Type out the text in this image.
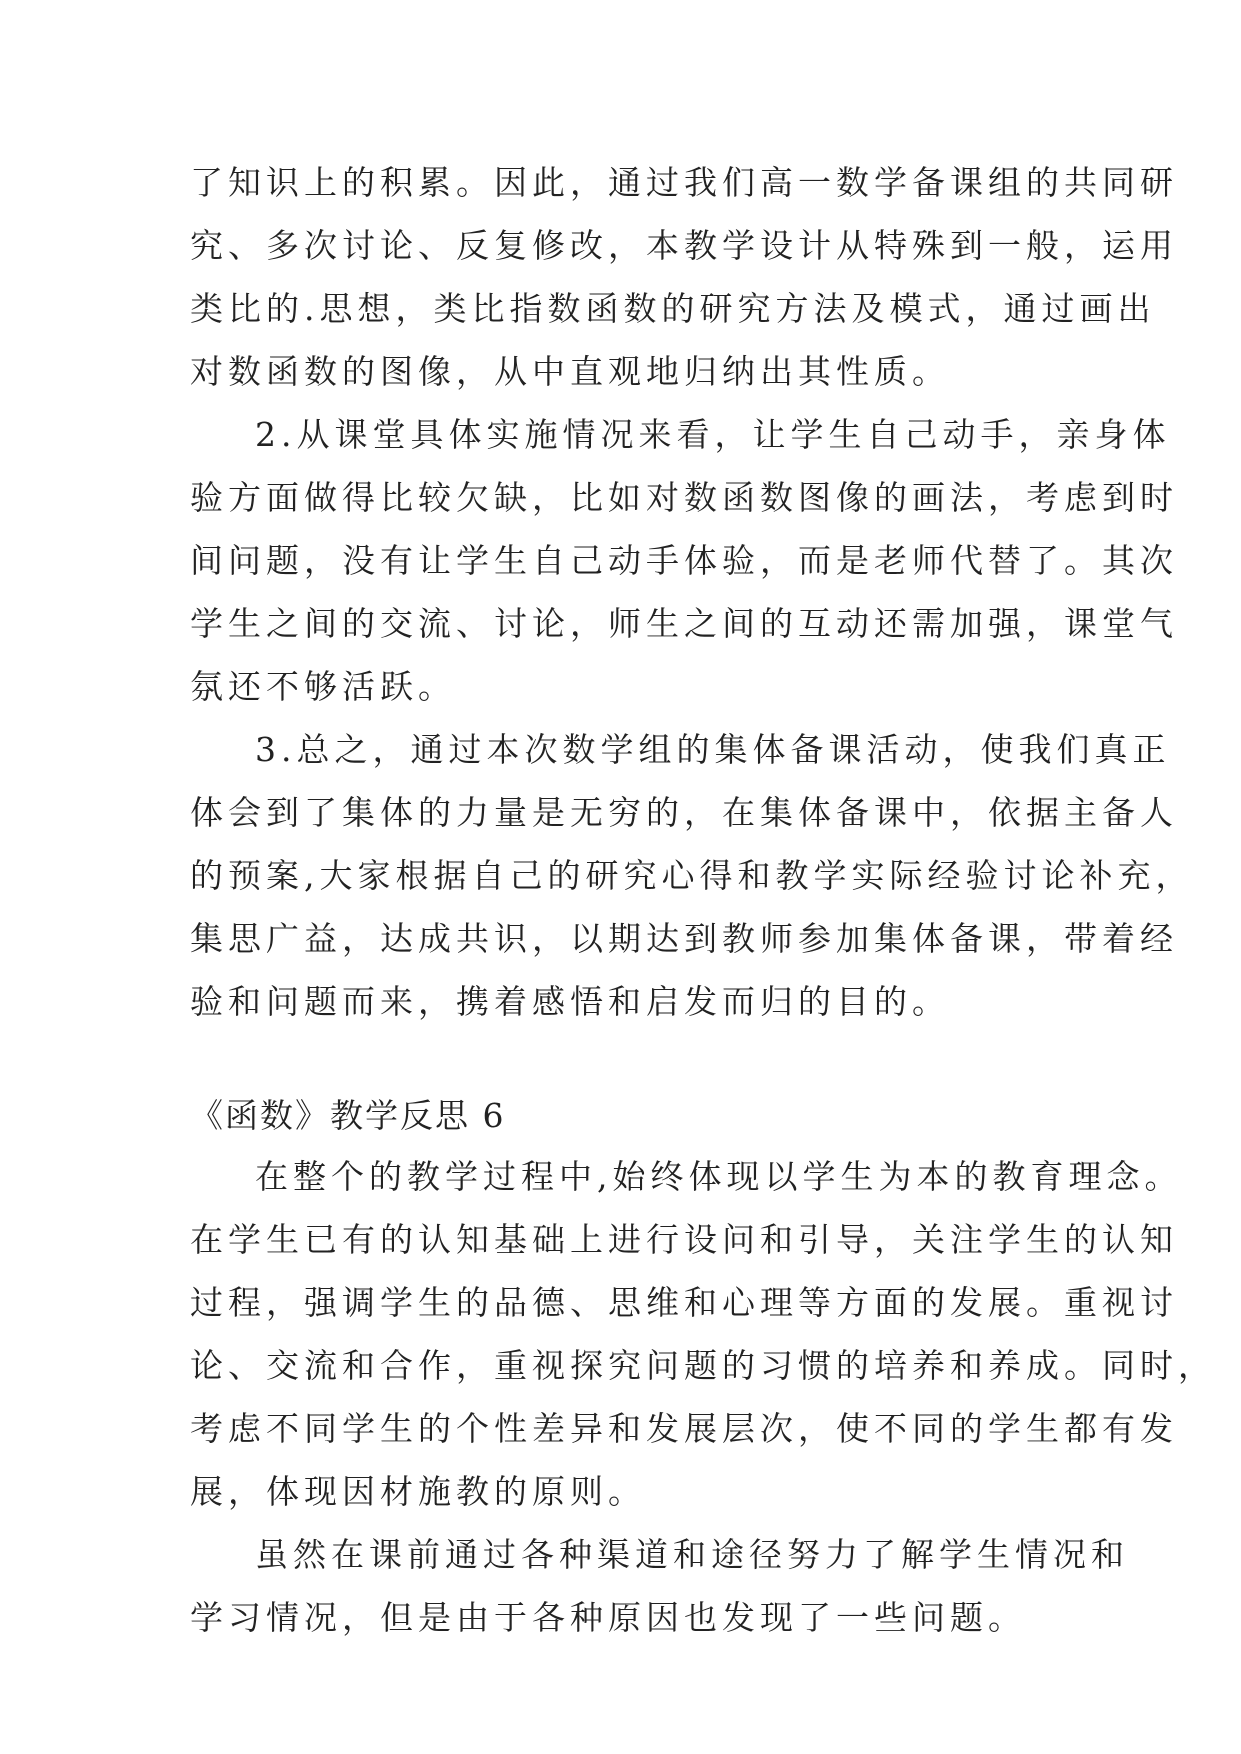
了知识上的积累。因此，通过我们高一数学备课组的共同研

究、多次讨论、反复修改，本教学设计从特殊到一般，运用

类比的.思想，类比指数函数的研究方法及模式，通过画出

对数函数的图像，从中直观地归纳出其性质。

2.从课堂具体实施情况来看，让学生自己动手，亲身体

验方面做得比较欠缺，比如对数函数图像的画法，考虑到时

间问题，没有让学生自己动手体验，而是老师代替了。其次

学生之间的交流、讨论，师生之间的互动还需加强，课堂气

氛还不够活跃。

3.总之，通过本次数学组的集体备课活动，使我们真正

体会到了集体的力量是无穷的，在集体备课中，依据主备人

的预案,大家根据自己的研究心得和教学实际经验讨论补充，

集思广益，达成共识，以期达到教师参加集体备课，带着经

验和问题而来，携着感悟和启发而归的目的。

《函数》教学反思 6

在整个的教学过程中,始终体现以学生为本的教育理念。

在学生已有的认知基础上进行设问和引导，关注学生的认知

过程，强调学生的品德、思维和心理等方面的发展。重视讨

论、交流和合作，重视探究问题的习惯的培养和养成。同时，

考虑不同学生的个性差异和发展层次，使不同的学生都有发

展，体现因材施教的原则。

虽然在课前通过各种渠道和途径努力了解学生情况和

学习情况，但是由于各种原因也发现了一些问题。
